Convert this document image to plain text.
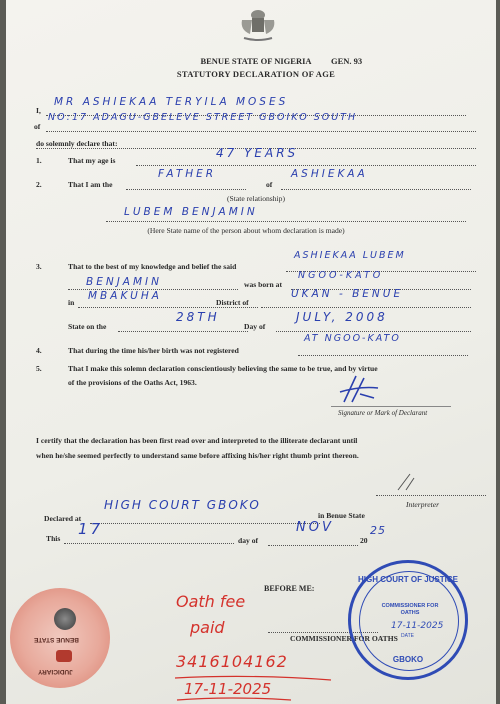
GEN. 93
BENUE STATE OF NIGERIA
STATUTORY DECLARATION OF AGE
I,
MR ASHIEKAA TERYILA MOSES
of
NO:17 ADAGU-GBELEVE STREET GBOIKO SOUTH
do solemnly declare that:
1.	That my age is
47 YEARS
2.	That I am the
FATHER
of
ASHIEKAA
(State relationship)
LUBEM BENJAMIN
(Here State name of the person about whom declaration is made)
3.	That to the best of my knowledge and belief the said
ASHIEKAA LUBEM
BENJAMIN	was born at
NGOO-KATO
in
MBAKUHA
District of
UKAN - BENUE
State on the
28TH
Day of
JULY, 2008
4.	That during the time his/her birth was not registered
AT NGOO-KATO
5.	That I make this solemn declaration conscientiously believing the same to be true, and by virtue
of the provisions of the Oaths Act, 1963.
Signature or Mark of Declarant
I certify that the declaration has been first read over and interpreted to the illiterate declarant until
when he/she seemed perfectly to understand same before affixing his/her right thumb print thereon.
Interpreter
Declared at
HIGH COURT GBOKO
in Benue State
This
17
day of
NOV
20
25
BEFORE ME:
COMMISSIONER FOR OATHS
Oath fee
paid
3416104162
17-11-2025
BENUE STATE
JUDICIARY
HIGH COURT OF JUSTICE
COMMISSIONER FOR OATHS
17-11-2025
DATE
GBOKO
